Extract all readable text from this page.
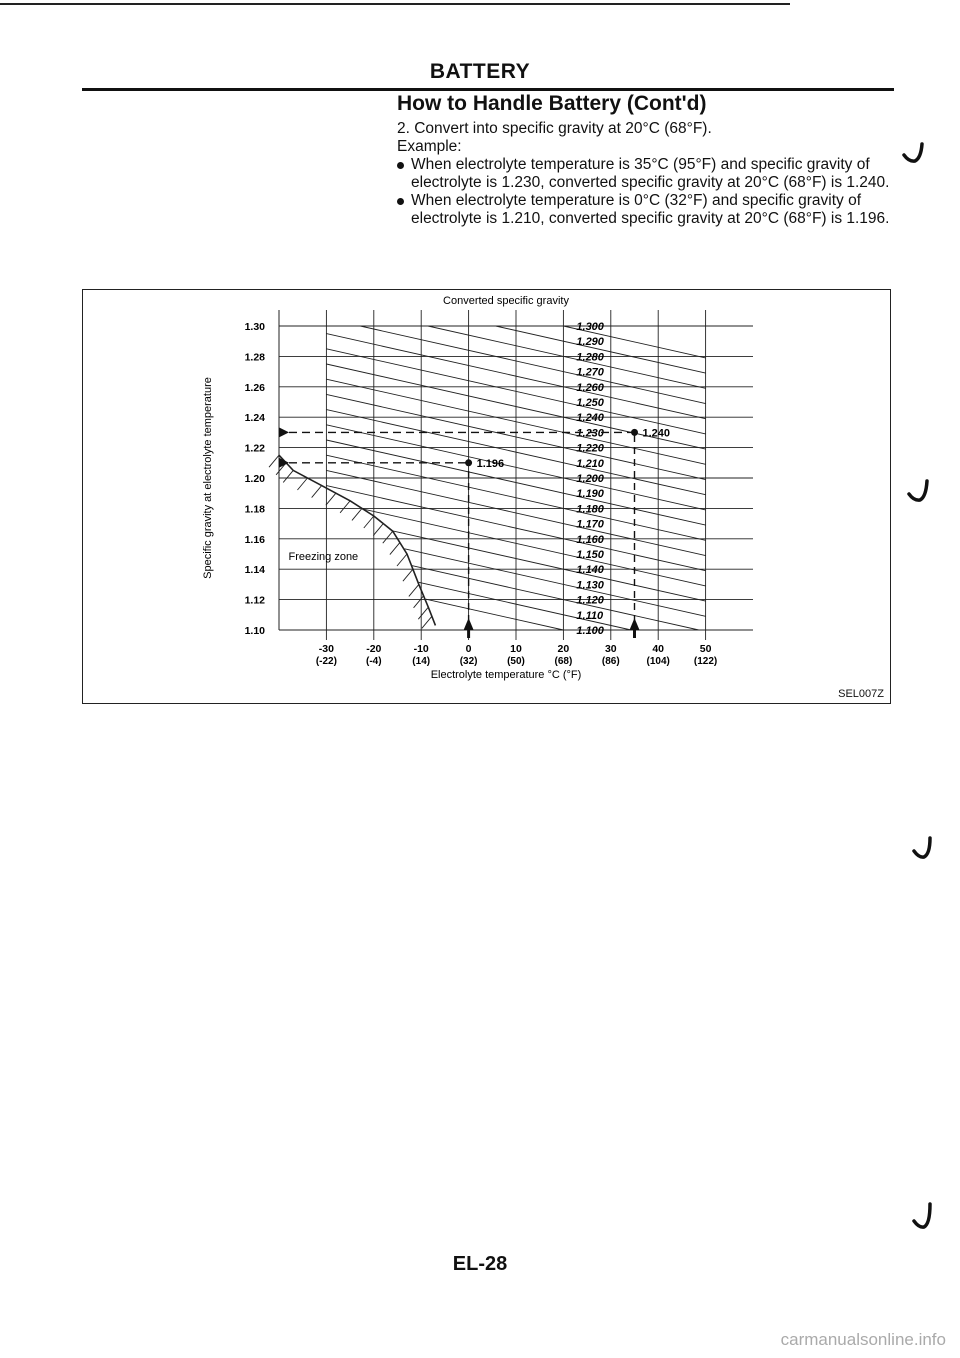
BATTERY
How to Handle Battery (Cont'd)

2. Convert into specific gravity at 20°C (68°F).

Example:

When electrolyte temperature is 35°C (95°F) and specific gravity of electrolyte is 1.230, converted specific gravity at 20°C (68°F) is 1.240.

When electrolyte temperature is 0°C (32°F) and specific gravity of electrolyte is 1.210, converted specific gravity at 20°C (68°F) is 1.196.

1.30
1.28
1.26
1.24
1.22
1.20
1.18
1.16
1.14
1.12
1.10
-30
(-22)
-20
(-4)
-10
(14)
0
(32)
10
(50)
20
(68)
30
(86)
40
(104)
50
(122)
Freezing zone
1.300
1.290
1.280
1.270
1.260
1.250
1.240
1.230
1.220
1.210
1.200
1.190
1.180
1.170
1.160
1.150
1.140
1.130
1.120
1.110
1.100
1.240
1.196
Converted specific gravity
Electrolyte temperature °C (°F)
Specific gravity at electrolyte temperature
SEL007Z
EL-28
carmanualsonline.info
